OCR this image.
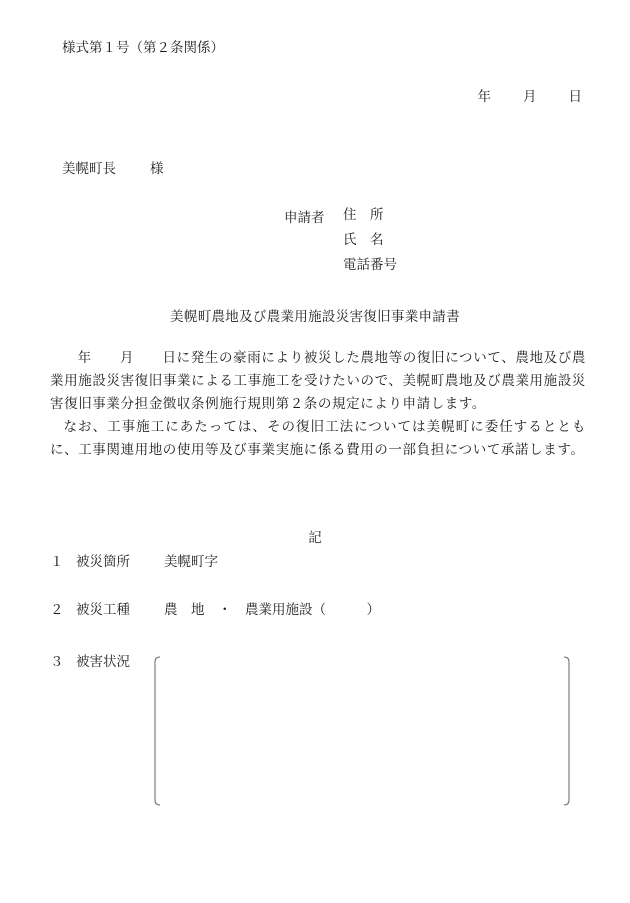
様式第１号（第２条関係）
年 月 日
美幌町長	様
申請者 住　所
氏　名
電話番号
美幌町農地及び農業用施設災害復旧事業申請書

　年　　月　　日に発生の豪雨により被災した農地等の復旧について、農地及び農業用施設災害復旧事業による工事施工を受けたいので、美幌町農地及び農業用施設災害復旧事業分担金徴収条例施行規則第２条の規定により申請します。

なお、工事施工にあたっては、その復旧工法については美幌町に委任するとともに、工事関連用地の使用等及び事業実施に係る費用の一部負担について承諾します。

記
１ 被災箇所	美幌町字
２ 被災工種	農　地　・　農業用施設（　　　）
３ 被害状況
